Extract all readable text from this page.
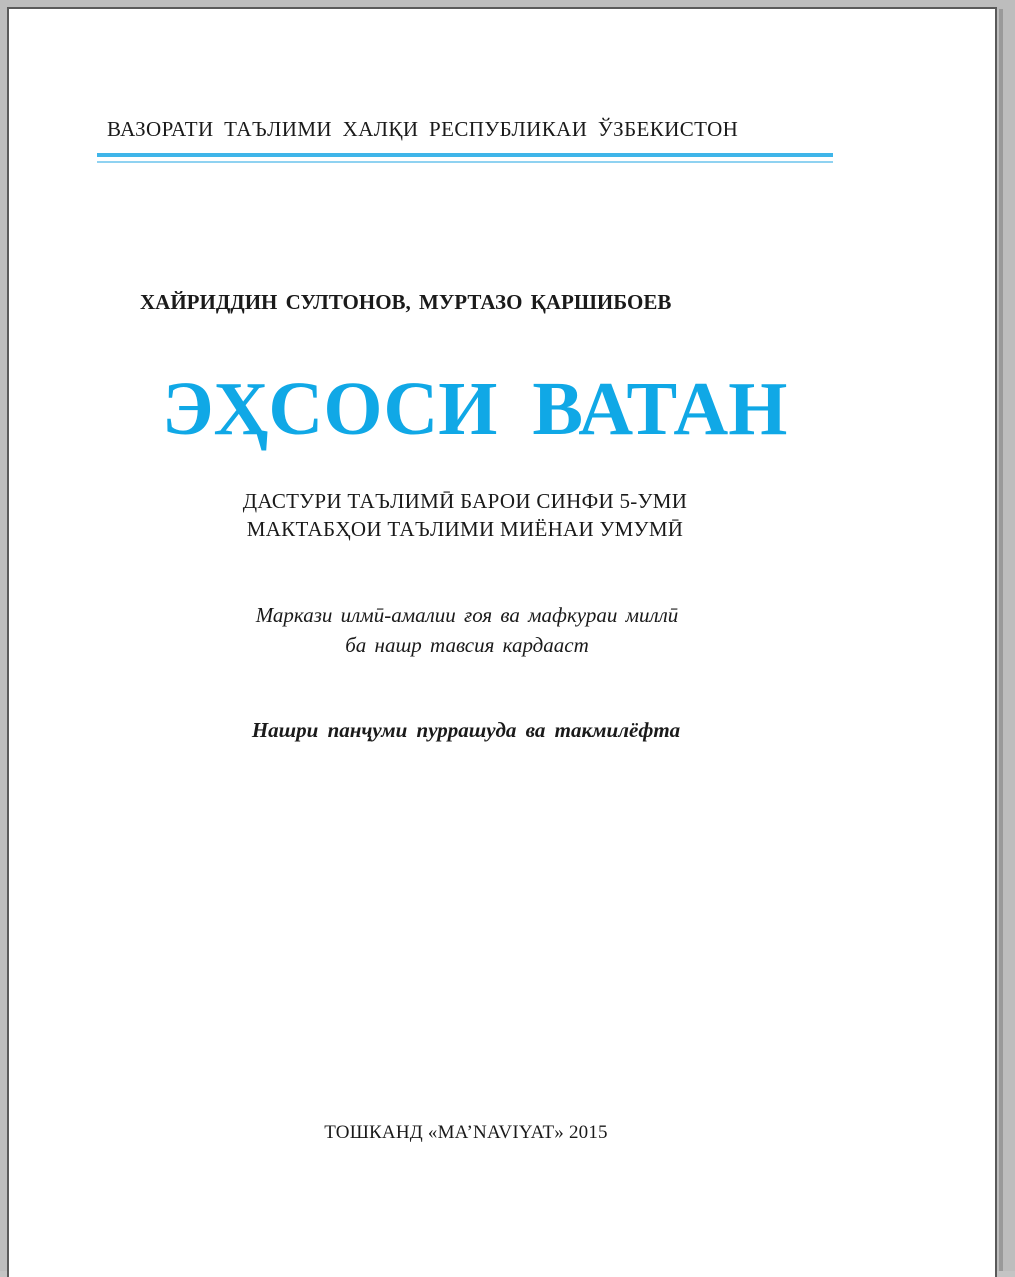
ВАЗОРАТИ ТАЪЛИМИ ХАЛҚИ РЕСПУБЛИКАИ ЎЗБЕКИСТОН
ХАЙРИДДИН СУЛТОНОВ, МУРТАЗО ҚАРШИБОЕВ
ЭҲСОСИ ВАТАН
ДАСТУРИ ТАЪЛИМӢ БАРОИ СИНФИ 5-УМИ
МАКТАБҲОИ ТАЪЛИМИ МИЁНАИ УМУМӢ
Маркази илмӣ-амалии ғоя ва мафкураи миллӣ
ба нашр тавсия кардааст
Нашри панҷуми пуррашуда ва такмилёфта
ТОШКАНД «MA’NAVIYAT» 2015
